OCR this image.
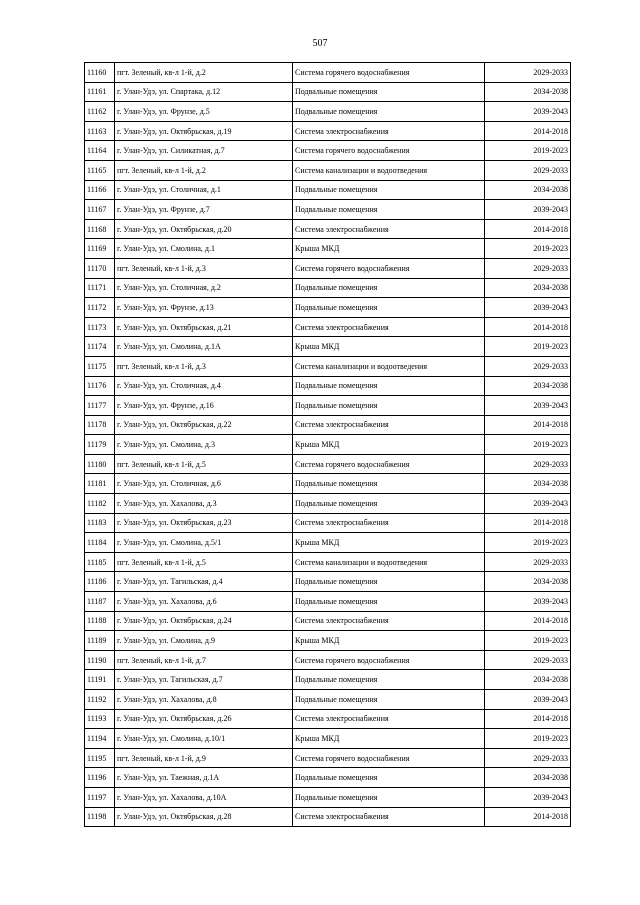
507
11160	пгт. Зеленый, кв-л 1-й, д.2	Система горячего водоснабжения	2029-2033
11161	г. Улан-Удэ, ул. Спартака, д.12	Подвальные помещения	2034-2038
11162	г. Улан-Удэ, ул. Фрунзе, д.5	Подвальные помещения	2039-2043
11163	г. Улан-Удэ, ул. Октябрьская, д.19	Система электроснабжения	2014-2018
11164	г. Улан-Удэ, ул. Силикатная, д.7	Система горячего водоснабжения	2019-2023
11165	пгт. Зеленый, кв-л 1-й, д.2	Система канализации и водоотведения	2029-2033
11166	г. Улан-Удэ, ул. Столичная, д.1	Подвальные помещения	2034-2038
11167	г. Улан-Удэ, ул. Фрунзе, д.7	Подвальные помещения	2039-2043
11168	г. Улан-Удэ, ул. Октябрьская, д.20	Система электроснабжения	2014-2018
11169	г. Улан-Удэ, ул. Смолина, д.1	Крыша МКД	2019-2023
11170	пгт. Зеленый, кв-л 1-й, д.3	Система горячего водоснабжения	2029-2033
11171	г. Улан-Удэ, ул. Столичная, д.2	Подвальные помещения	2034-2038
11172	г. Улан-Удэ, ул. Фрунзе, д.13	Подвальные помещения	2039-2043
11173	г. Улан-Удэ, ул. Октябрьская, д.21	Система электроснабжения	2014-2018
11174	г. Улан-Удэ, ул. Смолина, д.1А	Крыша МКД	2019-2023
11175	пгт. Зеленый, кв-л 1-й, д.3	Система канализации и водоотведения	2029-2033
11176	г. Улан-Удэ, ул. Столичная, д.4	Подвальные помещения	2034-2038
11177	г. Улан-Удэ, ул. Фрунзе, д.16	Подвальные помещения	2039-2043
11178	г. Улан-Удэ, ул. Октябрьская, д.22	Система электроснабжения	2014-2018
11179	г. Улан-Удэ, ул. Смолина, д.3	Крыша МКД	2019-2023
11180	пгт. Зеленый, кв-л 1-й, д.5	Система горячего водоснабжения	2029-2033
11181	г. Улан-Удэ, ул. Столичная, д.6	Подвальные помещения	2034-2038
11182	г. Улан-Удэ, ул. Хахалова, д.3	Подвальные помещения	2039-2043
11183	г. Улан-Удэ, ул. Октябрьская, д.23	Система электроснабжения	2014-2018
11184	г. Улан-Удэ, ул. Смолина, д.5/1	Крыша МКД	2019-2023
11185	пгт. Зеленый, кв-л 1-й, д.5	Система канализации и водоотведения	2029-2033
11186	г. Улан-Удэ, ул. Тагильская, д.4	Подвальные помещения	2034-2038
11187	г. Улан-Удэ, ул. Хахалова, д.6	Подвальные помещения	2039-2043
11188	г. Улан-Удэ, ул. Октябрьская, д.24	Система электроснабжения	2014-2018
11189	г. Улан-Удэ, ул. Смолина, д.9	Крыша МКД	2019-2023
11190	пгт. Зеленый, кв-л 1-й, д.7	Система горячего водоснабжения	2029-2033
11191	г. Улан-Удэ, ул. Тагильская, д.7	Подвальные помещения	2034-2038
11192	г. Улан-Удэ, ул. Хахалова, д.8	Подвальные помещения	2039-2043
11193	г. Улан-Удэ, ул. Октябрьская, д.26	Система электроснабжения	2014-2018
11194	г. Улан-Удэ, ул. Смолина, д.10/1	Крыша МКД	2019-2023
11195	пгт. Зеленый, кв-л 1-й, д.9	Система горячего водоснабжения	2029-2033
11196	г. Улан-Удэ, ул. Таежная, д.1А	Подвальные помещения	2034-2038
11197	г. Улан-Удэ, ул. Хахалова, д.10А	Подвальные помещения	2039-2043
11198	г. Улан-Удэ, ул. Октябрьская, д.28	Система электроснабжения	2014-2018
